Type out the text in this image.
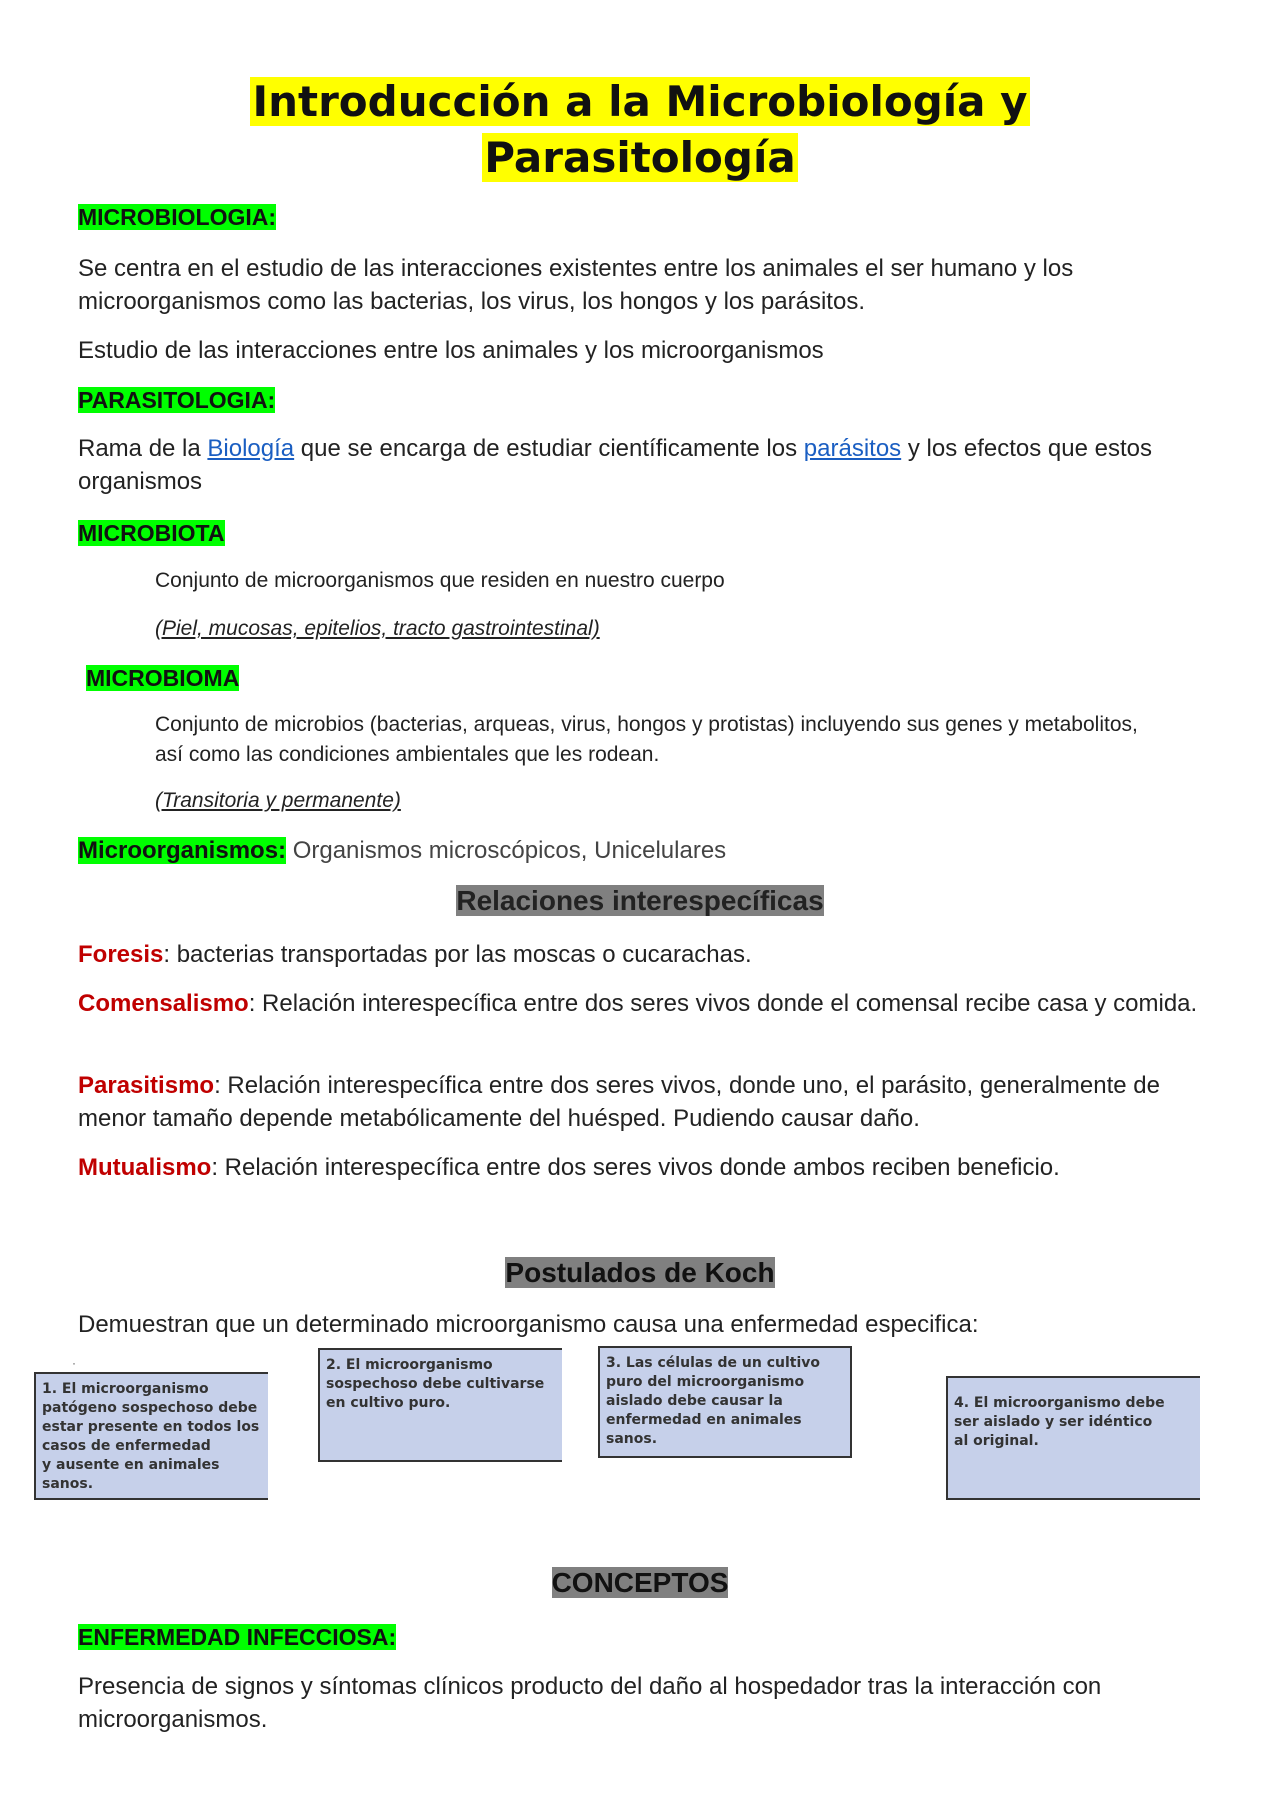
Introducción a la Microbiología y
Parasitología
MICROBIOLOGIA:
Se centra en el estudio de las interacciones existentes entre los animales el ser humano y los microorganismos como las bacterias, los virus, los hongos y los parásitos.
Estudio de las interacciones entre los animales y los microorganismos
PARASITOLOGIA:
Rama de la Biología que se encarga de estudiar científicamente los parásitos y los efectos que estos organismos
MICROBIOTA
Conjunto de microorganismos que residen en nuestro cuerpo
(Piel, mucosas, epitelios, tracto gastrointestinal)
MICROBIOMA
Conjunto de microbios (bacterias, arqueas, virus, hongos y protistas) incluyendo sus genes y metabolitos, así como las condiciones ambientales que les rodean.
(Transitoria y permanente)
Microorganismos: Organismos microscópicos, Unicelulares
Relaciones interespecíficas
Foresis: bacterias transportadas por las moscas o cucarachas.
Comensalismo: Relación interespecífica entre dos seres vivos donde el comensal recibe casa y comida.
Parasitismo: Relación interespecífica entre dos seres vivos, donde uno, el parásito, generalmente de menor tamaño depende metabólicamente del huésped. Pudiendo causar daño.
Mutualismo: Relación interespecífica entre dos seres vivos donde ambos reciben beneficio.
Postulados de Koch
Demuestran que un determinado microorganismo causa una enfermedad especifica:
·
1. El microorganismo
patógeno sospechoso debe
estar presente en todos los
casos de enfermedad
y ausente en animales
sanos.
2. El microorganismo
sospechoso debe cultivarse
en cultivo puro.
3. Las células de un cultivo
puro del microorganismo
aislado debe causar la
enfermedad en animales
sanos.
4. El microorganismo debe
ser aislado y ser idéntico
al original.
CONCEPTOS
ENFERMEDAD INFECCIOSA:
Presencia de signos y síntomas clínicos producto del daño al hospedador tras la interacción con microorganismos.
